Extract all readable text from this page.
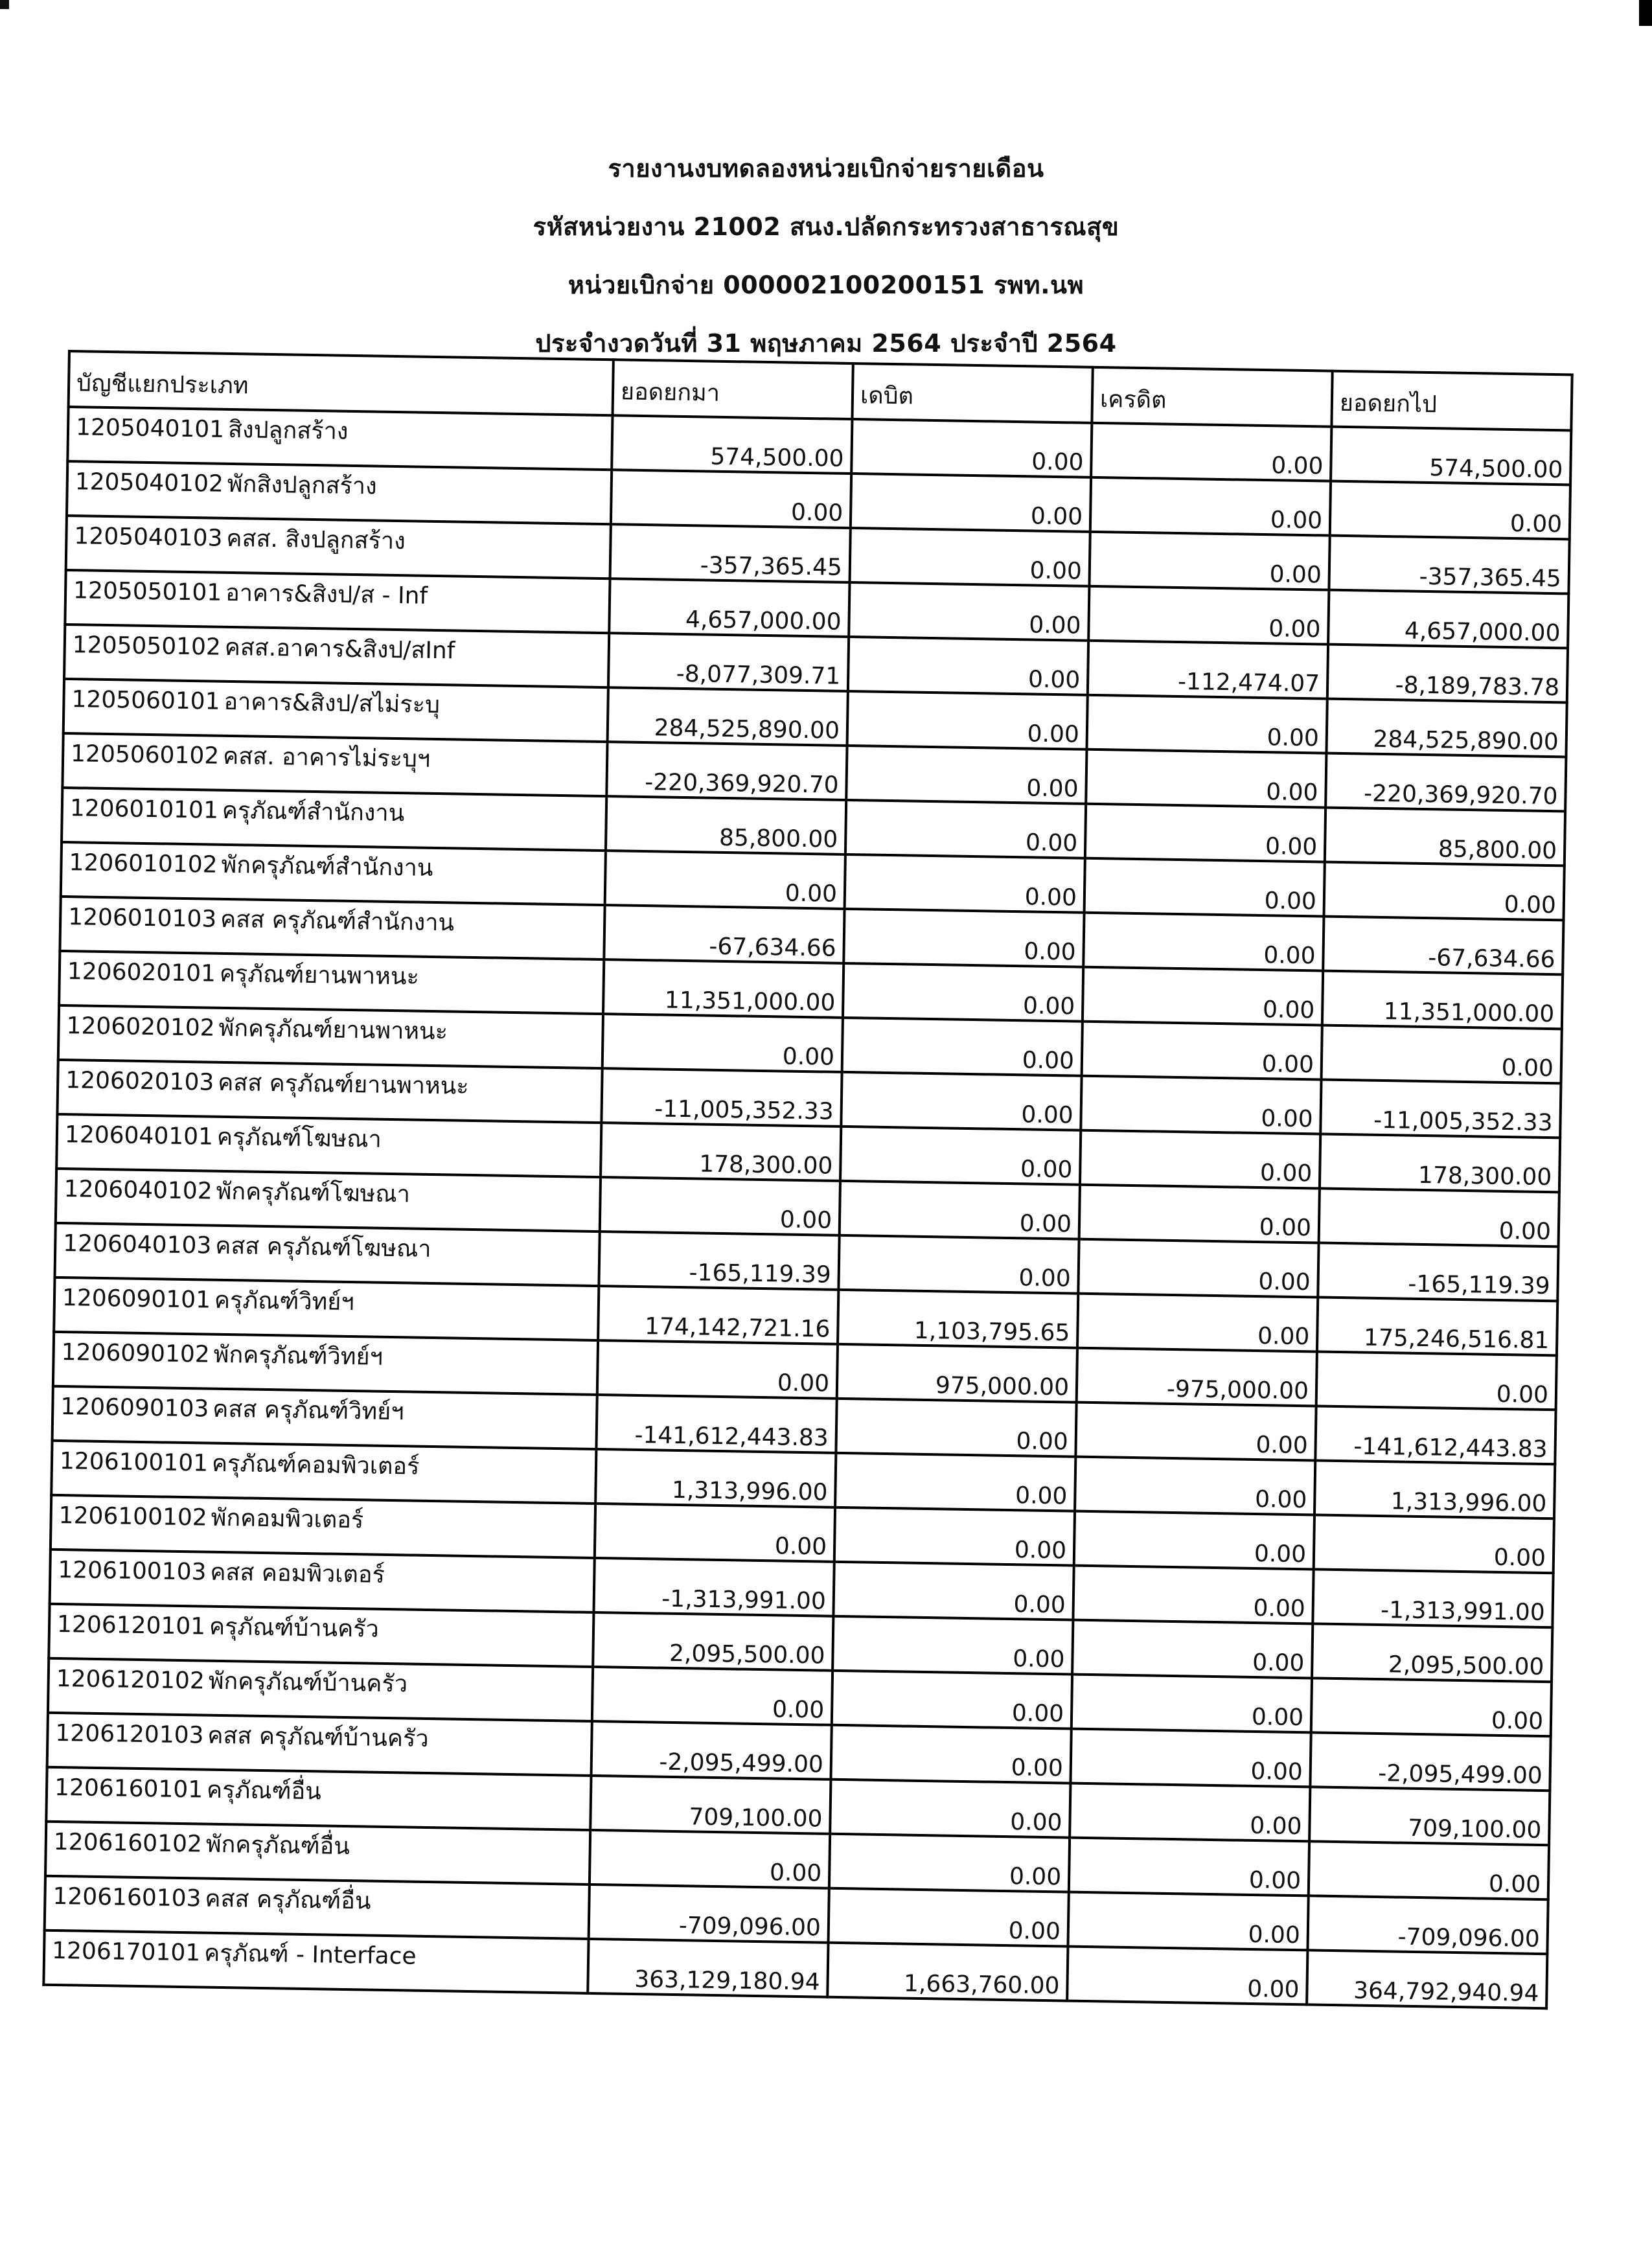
รายงานงบทดลองหน่วยเบิกจ่ายรายเดือน
รหัสหน่วยงาน 21002 สนง.ปลัดกระทรวงสาธารณสุข
หน่วยเบิกจ่าย 000002100200151 รพท.นพ
ประจำงวดวันที่ 31 พฤษภาคม 2564 ประจำปี 2564
บัญชีแยกประเภท	ยอดยกมา	เดบิต	เครดิต	ยอดยกไป
1205040101 สิงปลูกสร้าง	574,500.00	0.00	0.00	574,500.00
1205040102 พักสิงปลูกสร้าง	0.00	0.00	0.00	0.00
1205040103 คสส. สิงปลูกสร้าง	-357,365.45	0.00	0.00	-357,365.45
1205050101 อาคาร&สิงป/ส - Inf	4,657,000.00	0.00	0.00	4,657,000.00
1205050102 คสส.อาคาร&สิงป/สInf	-8,077,309.71	0.00	-112,474.07	-8,189,783.78
1205060101 อาคาร&สิงป/สไม่ระบุ	284,525,890.00	0.00	0.00	284,525,890.00
1205060102 คสส. อาคารไม่ระบุฯ	-220,369,920.70	0.00	0.00	-220,369,920.70
1206010101 ครุภัณฑ์สำนักงาน	85,800.00	0.00	0.00	85,800.00
1206010102 พักครุภัณฑ์สำนักงาน	0.00	0.00	0.00	0.00
1206010103 คสส ครุภัณฑ์สำนักงาน	-67,634.66	0.00	0.00	-67,634.66
1206020101 ครุภัณฑ์ยานพาหนะ	11,351,000.00	0.00	0.00	11,351,000.00
1206020102 พักครุภัณฑ์ยานพาหนะ	0.00	0.00	0.00	0.00
1206020103 คสส ครุภัณฑ์ยานพาหนะ	-11,005,352.33	0.00	0.00	-11,005,352.33
1206040101 ครุภัณฑ์โฆษณา	178,300.00	0.00	0.00	178,300.00
1206040102 พักครุภัณฑ์โฆษณา	0.00	0.00	0.00	0.00
1206040103 คสส ครุภัณฑ์โฆษณา	-165,119.39	0.00	0.00	-165,119.39
1206090101 ครุภัณฑ์วิทย์ฯ	174,142,721.16	1,103,795.65	0.00	175,246,516.81
1206090102 พักครุภัณฑ์วิทย์ฯ	0.00	975,000.00	-975,000.00	0.00
1206090103 คสส ครุภัณฑ์วิทย์ฯ	-141,612,443.83	0.00	0.00	-141,612,443.83
1206100101 ครุภัณฑ์คอมพิวเตอร์	1,313,996.00	0.00	0.00	1,313,996.00
1206100102 พักคอมพิวเตอร์	0.00	0.00	0.00	0.00
1206100103 คสส คอมพิวเตอร์	-1,313,991.00	0.00	0.00	-1,313,991.00
1206120101 ครุภัณฑ์บ้านครัว	2,095,500.00	0.00	0.00	2,095,500.00
1206120102 พักครุภัณฑ์บ้านครัว	0.00	0.00	0.00	0.00
1206120103 คสส ครุภัณฑ์บ้านครัว	-2,095,499.00	0.00	0.00	-2,095,499.00
1206160101 ครุภัณฑ์อื่น	709,100.00	0.00	0.00	709,100.00
1206160102 พักครุภัณฑ์อื่น	0.00	0.00	0.00	0.00
1206160103 คสส ครุภัณฑ์อื่น	-709,096.00	0.00	0.00	-709,096.00
1206170101 ครุภัณฑ์ - Interface	363,129,180.94	1,663,760.00	0.00	364,792,940.94
